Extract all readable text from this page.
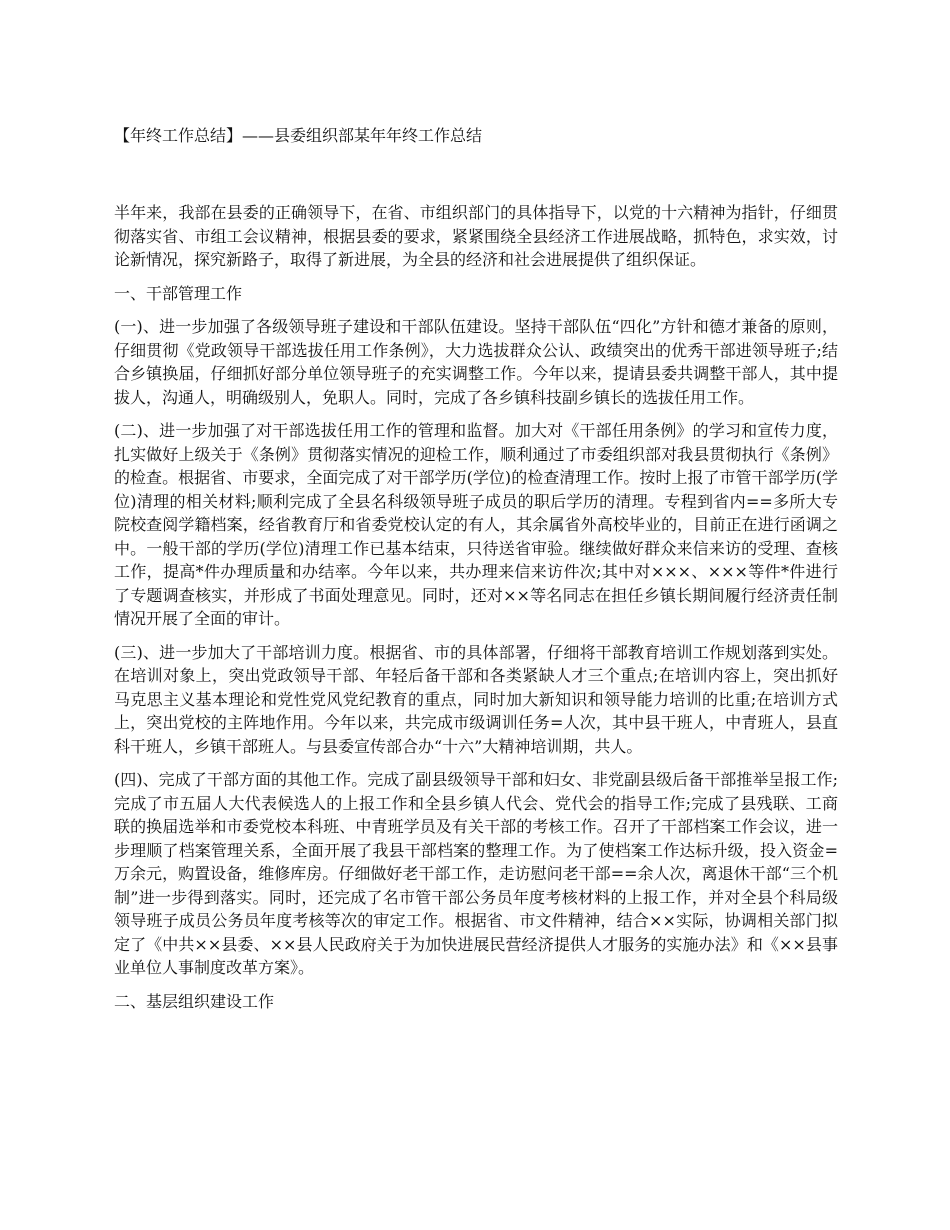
【年终工作总结】——县委组织部某年年终工作总结
半年来，我部在县委的正确领导下，在省、市组织部门的具体指导下，以党的十六精神为指针，仔细贯彻落实省、市组工会议精神，根据县委的要求，紧紧围绕全县经济工作进展战略，抓特色，求实效，讨论新情况，探究新路子，取得了新进展，为全县的经济和社会进展提供了组织保证。
一、干部管理工作
(一)、进一步加强了各级领导班子建设和干部队伍建设。坚持干部队伍“四化”方针和德才兼备的原则，仔细贯彻《党政领导干部选拔任用工作条例》，大力选拔群众公认、政绩突出的优秀干部进领导班子;结合乡镇换届，仔细抓好部分单位领导班子的充实调整工作。今年以来，提请县委共调整干部人，其中提拔人，沟通人，明确级别人，免职人。同时，完成了各乡镇科技副乡镇长的选拔任用工作。
(二)、进一步加强了对干部选拔任用工作的管理和监督。加大对《干部任用条例》的学习和宣传力度，扎实做好上级关于《条例》贯彻落实情况的迎检工作，顺利通过了市委组织部对我县贯彻执行《条例》的检查。根据省、市要求，全面完成了对干部学历(学位)的检查清理工作。按时上报了市管干部学历(学位)清理的相关材料;顺利完成了全县名科级领导班子成员的职后学历的清理。专程到省内==多所大专院校查阅学籍档案，经省教育厅和省委党校认定的有人，其余属省外高校毕业的，目前正在进行函调之中。一般干部的学历(学位)清理工作已基本结束，只待送省审验。继续做好群众来信来访的受理、查核工作，提高*件办理质量和办结率。今年以来，共办理来信来访件次;其中对×××、×××等件*件进行了专题调查核实，并形成了书面处理意见。同时，还对××等名同志在担任乡镇长期间履行经济责任制情况开展了全面的审计。
(三)、进一步加大了干部培训力度。根据省、市的具体部署，仔细将干部教育培训工作规划落到实处。在培训对象上，突出党政领导干部、年轻后备干部和各类紧缺人才三个重点;在培训内容上，突出抓好马克思主义基本理论和党性党风党纪教育的重点，同时加大新知识和领导能力培训的比重;在培训方式上，突出党校的主阵地作用。今年以来，共完成市级调训任务=人次，其中县干班人，中青班人，县直科干班人，乡镇干部班人。与县委宣传部合办“十六”大精神培训期，共人。
(四)、完成了干部方面的其他工作。完成了副县级领导干部和妇女、非党副县级后备干部推举呈报工作;完成了市五届人大代表候选人的上报工作和全县乡镇人代会、党代会的指导工作;完成了县残联、工商联的换届选举和市委党校本科班、中青班学员及有关干部的考核工作。召开了干部档案工作会议，进一步理顺了档案管理关系，全面开展了我县干部档案的整理工作。为了使档案工作达标升级，投入资金=万余元，购置设备，维修库房。仔细做好老干部工作，走访慰问老干部==余人次，离退休干部“三个机制”进一步得到落实。同时，还完成了名市管干部公务员年度考核材料的上报工作，并对全县个科局级领导班子成员公务员年度考核等次的审定工作。根据省、市文件精神，结合××实际，协调相关部门拟定了《中共××县委、××县人民政府关于为加快进展民营经济提供人才服务的实施办法》和《××县事业单位人事制度改革方案》。
二、基层组织建设工作
